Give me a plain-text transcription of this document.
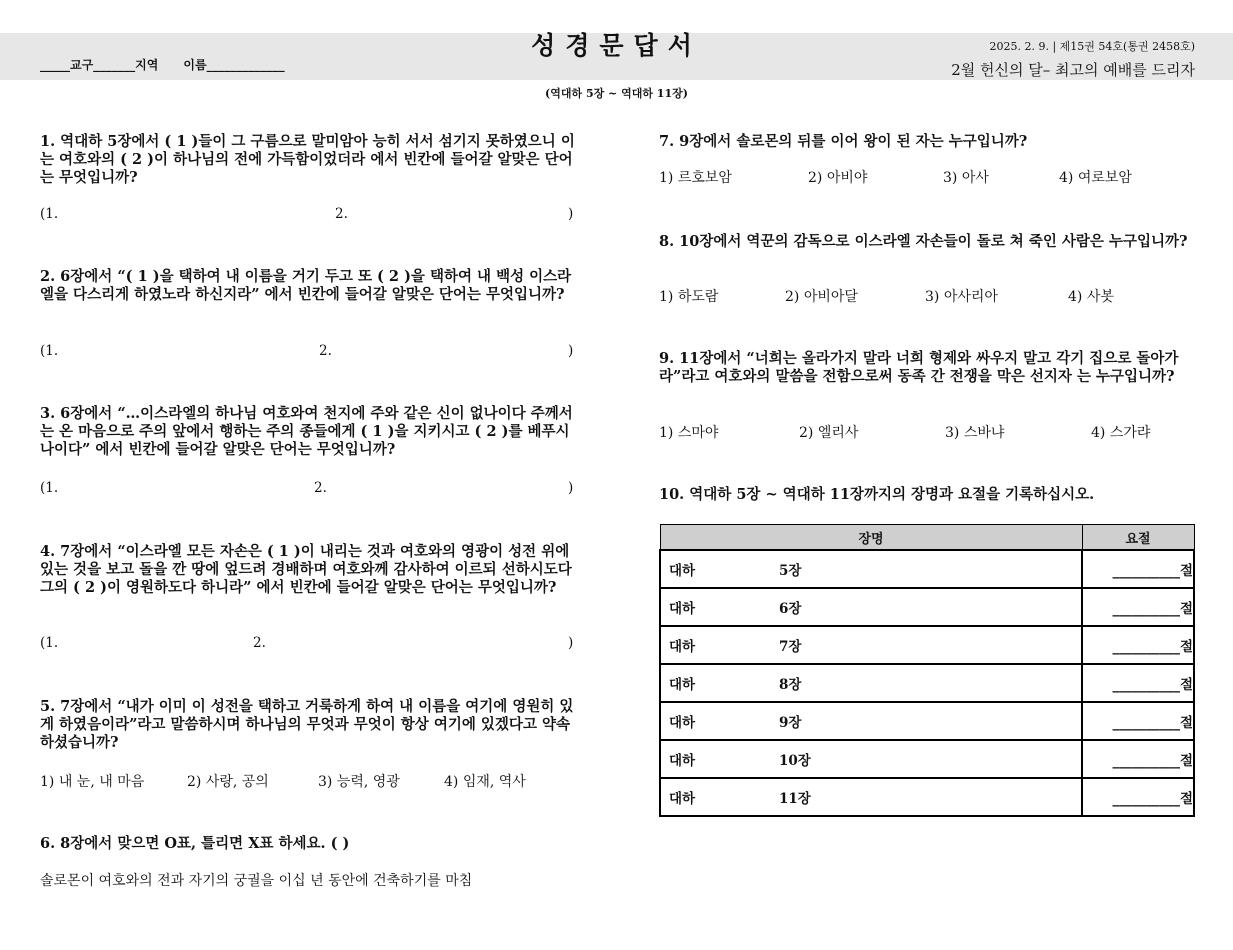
성경문답서
_____교구_______지역      이름_____________
2025. 2. 9. | 제15권 54호(통권 2458호)
2월 헌신의 달– 최고의 예배를 드리자
(역대하 5장 ~ 역대하 11장)

1. 역대하 5장에서 ( 1 )들이 그 구름으로 말미암아 능히 서서 섬기지 못하였으니 이는 여호와의 ( 2 )이 하나님의 전에 가득함이었더라 에서 빈칸에 들어갈 알맞은 단어는 무엇입니까?

(1.	2.	)

2. 6장에서 “( 1 )을 택하여 내 이름을 거기 두고 또 ( 2 )을 택하여 내 백성 이스라엘을 다스리게 하였노라 하신지라” 에서 빈칸에 들어갈 알맞은 단어는 무엇입니까?

(1.	2.	)

3. 6장에서 “…이스라엘의 하나님 여호와여 천지에 주와 같은 신이 없나이다 주께서는 온 마음으로 주의 앞에서 행하는 주의 종들에게 ( 1 )을 지키시고 ( 2 )를 베푸시나이다” 에서 빈칸에 들어갈 알맞은 단어는 무엇입니까?

(1.	2.	)

4. 7장에서 “이스라엘 모든 자손은 ( 1 )이 내리는 것과 여호와의 영광이 성전 위에 있는 것을 보고 돌을 깐 땅에 엎드려 경배하며 여호와께 감사하여 이르되 선하시도다 그의 ( 2 )이 영원하도다 하니라” 에서 빈칸에 들어갈 알맞은 단어는 무엇입니까?

(1.	2.	)

5. 7장에서 “내가 이미 이 성전을 택하고 거룩하게 하여 내 이름을 여기에 영원히 있게 하였음이라”라고 말씀하시며 하나님의 무엇과 무엇이 항상 여기에 있겠다고 약속하셨습니까?

1) 내 눈, 내 마음	2) 사랑, 공의	3) 능력, 영광	4) 임재, 역사

6. 8장에서 맞으면 O표, 틀리면 X표 하세요. ( )

솔로몬이 여호와의 전과 자기의 궁궐을 이십 년 동안에 건축하기를 마침

7. 9장에서 솔로몬의 뒤를 이어 왕이 된 자는 누구입니까?

1) 르호보암	2) 아비야	3) 아사	4) 여로보암

8. 10장에서 역꾼의 감독으로 이스라엘 자손들이 돌로 쳐 죽인 사람은 누구입니까?

1) 하도람	2) 아비아달	3) 아사리아	4) 사봇

9. 11장에서 “너희는 올라가지 말라 너희 형제와 싸우지 말고 각기 집으로 돌아가라”라고 여호와의 말씀을 전함으로써 동족 간 전쟁을 막은 선지자 는 누구입니까?

1) 스마야	2) 엘리사	3) 스바냐	4) 스가랴

10. 역대하 5장 ~ 역대하 11장까지의 장명과 요절을 기록하십시오.

장명	요절
대하 5장	__________절
대하 6장	__________절
대하 7장	__________절
대하 8장	__________절
대하 9장	__________절
대하 10장	__________절
대하 11장	__________절
